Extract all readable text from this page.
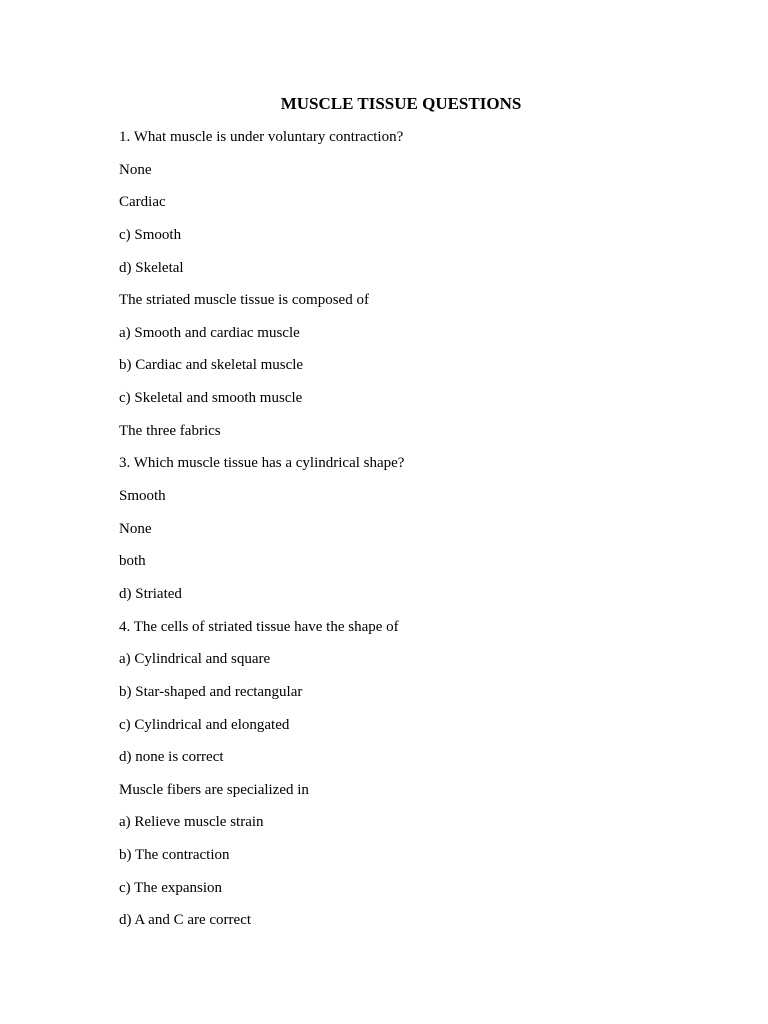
MUSCLE TISSUE QUESTIONS
1. What muscle is under voluntary contraction?
None
Cardiac
c) Smooth
d) Skeletal
The striated muscle tissue is composed of
a) Smooth and cardiac muscle
b) Cardiac and skeletal muscle
c) Skeletal and smooth muscle
The three fabrics
3. Which muscle tissue has a cylindrical shape?
Smooth
None
both
d) Striated
4. The cells of striated tissue have the shape of
a) Cylindrical and square
b) Star-shaped and rectangular
c) Cylindrical and elongated
d) none is correct
Muscle fibers are specialized in
a) Relieve muscle strain
b) The contraction
c) The expansion
d) A and C are correct
